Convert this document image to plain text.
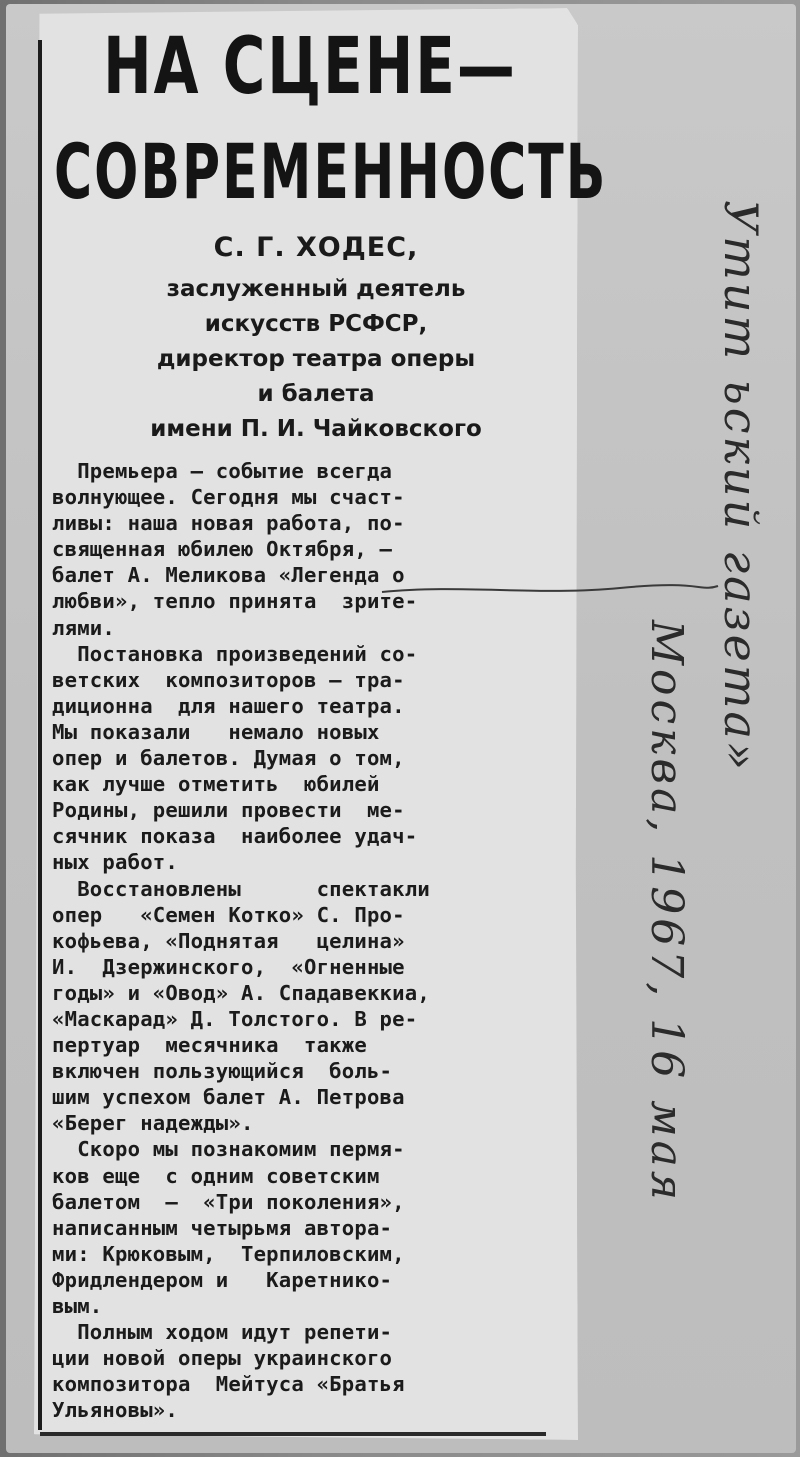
НА СЦЕНЕ—
СОВРЕМЕННОСТЬ
С. Г. ХОДЕС,
заслуженный деятель
искусств РСФСР,
директор театра оперы
и балета
имени П. И. Чайковского
Премьера — событие всегда
волнующее. Сегодня мы счаст-
ливы: наша новая работа, по-
священная юбилею Октября, —
балет А. Меликова «Легенда о
любви», тепло принята  зрите-
лями.
Постановка произведений со-
ветских  композиторов — тра-
диционна  для нашего театра.
Мы показали   немало новых
опер и балетов. Думая о том,
как лучше отметить  юбилей
Родины, решили провести  ме-
сячник показа  наиболее удач-
ных работ.
Восстановлены      спектакли
опер   «Семен Котко» С. Про-
кофьева, «Поднятая   целина»
И.  Дзержинского,  «Огненные
годы» и «Овод» А. Спадавеккиа,
«Маскарад» Д. Толстого. В ре-
пертуар  месячника  также
включен пользующийся  боль-
шим успехом балет А. Петрова
«Берег надежды».
Скоро мы познакомим пермя-
ков еще  с одним советским
балетом  —  «Три поколения»,
написанным четырьмя автора-
ми: Крюковым,  Терпиловским,
Фридлендером и   Каретнико-
вым.
Полным ходом идут репети-
ции новой оперы украинского
композитора  Мейтуса «Братья
Ульяновы».
Утит ьский газета»
Москва, 1967, 16 мая
